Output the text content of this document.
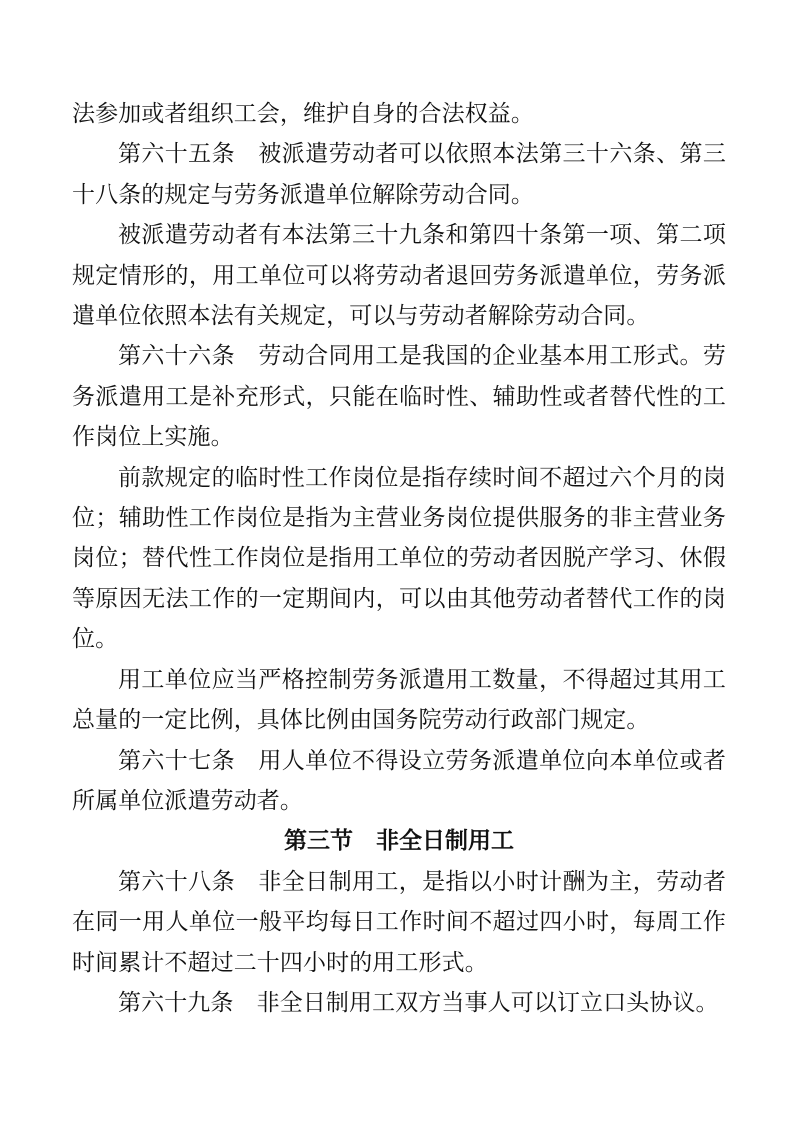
法参加或者组织工会，维护自身的合法权益。

第六十五条　 被派遣劳动者可以依照本法第三十六条、第三十八条的规定与劳务派遣单位解除劳动合同。

被派遣劳动者有本法第三十九条和第四十条第一项、第二项规定情形的，用工单位可以将劳动者退回劳务派遣单位，劳务派遣单位依照本法有关规定，可以与劳动者解除劳动合同。

第六十六条　 劳动合同用工是我国的企业基本用工形式。劳务派遣用工是补充形式，只能在临时性、辅助性或者替代性的工作岗位上实施。

前款规定的临时性工作岗位是指存续时间不超过六个月的岗位；辅助性工作岗位是指为主营业务岗位提供服务的非主营业务岗位；替代性工作岗位是指用工单位的劳动者因脱产学习、休假等原因无法工作的一定期间内，可以由其他劳动者替代工作的岗位。

用工单位应当严格控制劳务派遣用工数量，不得超过其用工总量的一定比例，具体比例由国务院劳动行政部门规定。

第六十七条　 用人单位不得设立劳务派遣单位向本单位或者所属单位派遣劳动者。

第三节　非全日制用工

第六十八条　 非全日制用工，是指以小时计酬为主，劳动者在同一用人单位一般平均每日工作时间不超过四小时，每周工作时间累计不超过二十四小时的用工形式。

第六十九条　 非全日制用工双方当事人可以订立口头协议。
